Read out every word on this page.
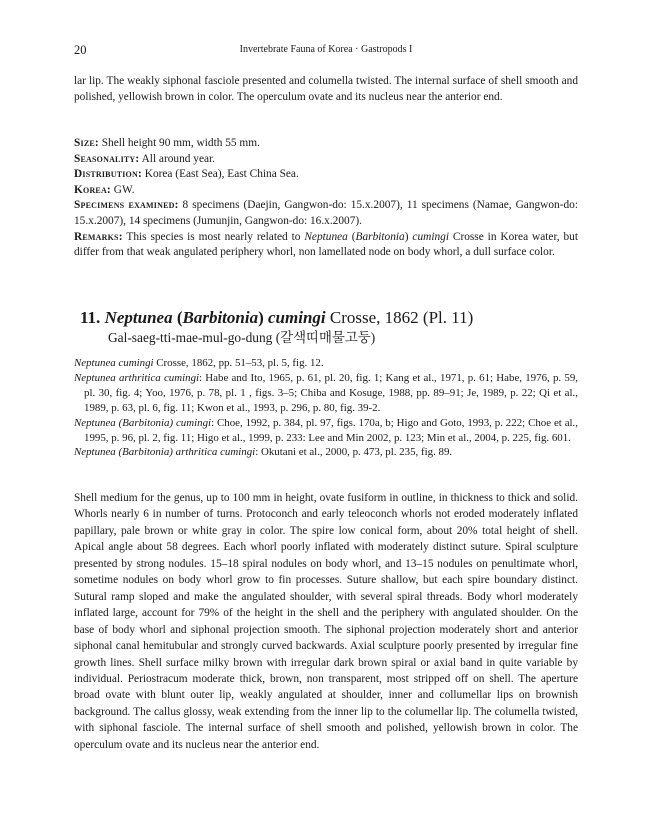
20	Invertebrate Fauna of Korea · Gastropods I

lar lip. The weakly siphonal fasciole presented and columella twisted. The internal surface of shell smooth and polished, yellowish brown in color. The operculum ovate and its nucleus near the anterior end.

Size: Shell height 90 mm, width 55 mm.

Seasonality: All around year.

Distribution: Korea (East Sea), East China Sea.

Korea: GW.

Specimens examined: 8 specimens (Daejin, Gangwon-do: 15.x.2007), 11 specimens (Namae, Gangwon-do: 15.x.2007), 14 specimens (Jumunjin, Gangwon-do: 16.x.2007).

Remarks: This species is most nearly related to Neptunea (Barbitonia) cumingi Crosse in Korea water, but differ from that weak angulated periphery whorl, non lamellated node on body whorl, a dull surface color.

11. Neptunea (Barbitonia) cumingi Crosse, 1862 (Pl. 11)
Gal-saeg-tti-mae-mul-go-dung (갈색띠매물고둥)

Neptunea cumingi Crosse, 1862, pp. 51–53, pl. 5, fig. 12.

Neptunea arthritica cumingi: Habe and Ito, 1965, p. 61, pl. 20, fig. 1; Kang et al., 1971, p. 61; Habe, 1976, p. 59, pl. 30, fig. 4; Yoo, 1976, p. 78, pl. 1 , figs. 3–5; Chiba and Kosuge, 1988, pp. 89–91; Je, 1989, p. 22; Qi et al., 1989, p. 63, pl. 6, fig. 11; Kwon et al., 1993, p. 296, p. 80, fig. 39-2.

Neptunea (Barbitonia) cumingi: Choe, 1992, p. 384, pl. 97, figs. 170a, b; Higo and Goto, 1993, p. 222; Choe et al., 1995, p. 96, pl. 2, fig. 11; Higo et al., 1999, p. 233: Lee and Min 2002, p. 123; Min et al., 2004, p. 225, fig. 601.

Neptunea (Barbitonia) arthritica cumingi: Okutani et al., 2000, p. 473, pl. 235, fig. 89.

Shell medium for the genus, up to 100 mm in height, ovate fusiform in outline, in thickness to thick and solid. Whorls nearly 6 in number of turns. Protoconch and early teleoconch whorls not eroded moderately inflated papillary, pale brown or white gray in color. The spire low conical form, about 20% total height of shell. Apical angle about 58 degrees. Each whorl poorly inflated with moderately distinct suture. Spiral sculpture presented by strong nodules. 15–18 spiral nodules on body whorl, and 13–15 nodules on penultimate whorl, sometime nodules on body whorl grow to fin processes. Suture shallow, but each spire boundary distinct. Sutural ramp sloped and make the angulated shoulder, with several spiral threads. Body whorl moderately inflated large, account for 79% of the height in the shell and the periphery with angulated shoulder. On the base of body whorl and siphonal projection smooth. The siphonal projection moderately short and anterior siphonal canal hemitubular and strongly curved backwards. Axial sculpture poorly presented by irregular fine growth lines. Shell surface milky brown with irregular dark brown spiral or axial band in quite variable by individual. Periostracum moderate thick, brown, non transparent, most stripped off on shell. The aperture broad ovate with blunt outer lip, weakly angulated at shoulder, inner and collumellar lips on brownish background. The callus glossy, weak extending from the inner lip to the columellar lip. The columella twisted, with siphonal fasciole. The internal surface of shell smooth and polished, yellowish brown in color. The operculum ovate and its nucleus near the anterior end.
